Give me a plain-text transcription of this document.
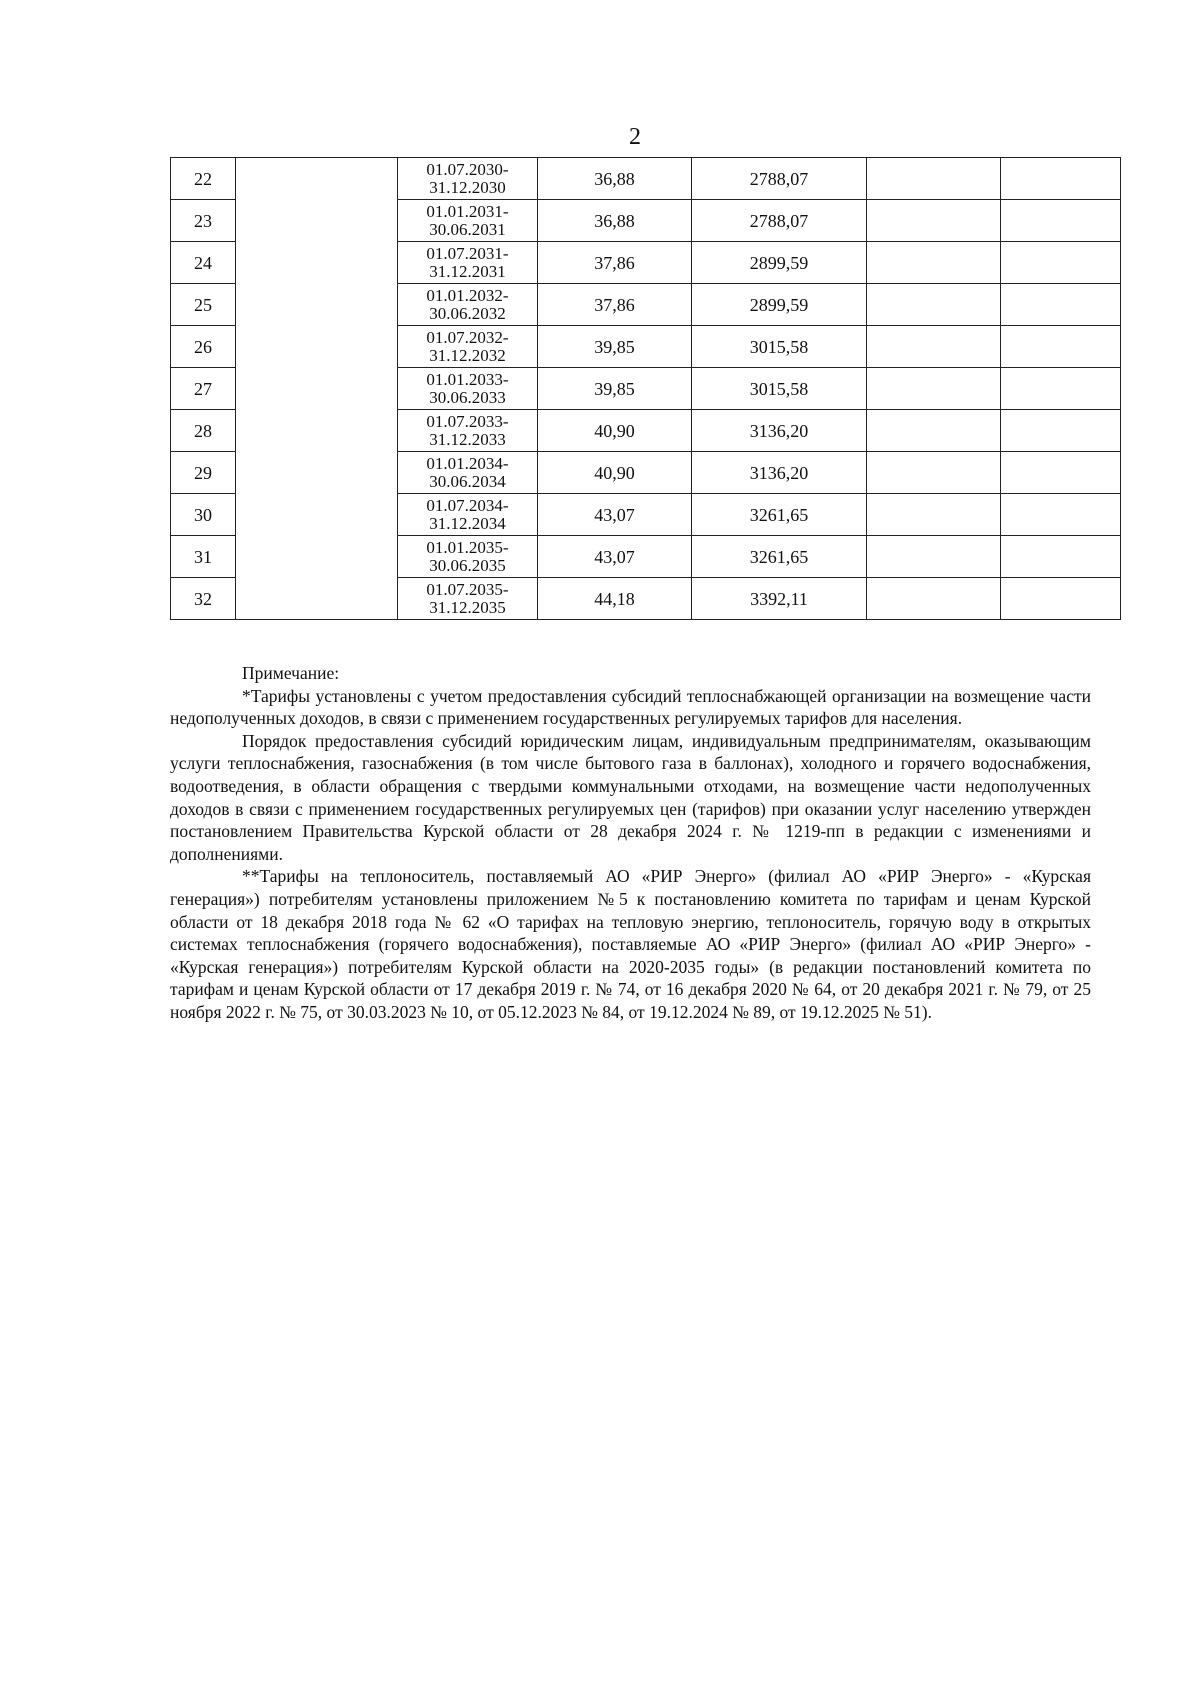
2
22		01.07.2030-
31.12.2030	36,88	2788,07		
23		01.01.2031-
30.06.2031	36,88	2788,07		
24		01.07.2031-
31.12.2031	37,86	2899,59		
25		01.01.2032-
30.06.2032	37,86	2899,59		
26		01.07.2032-
31.12.2032	39,85	3015,58		
27		01.01.2033-
30.06.2033	39,85	3015,58		
28		01.07.2033-
31.12.2033	40,90	3136,20		
29		01.01.2034-
30.06.2034	40,90	3136,20		
30		01.07.2034-
31.12.2034	43,07	3261,65		
31		01.01.2035-
30.06.2035	43,07	3261,65		
32		01.07.2035-
31.12.2035	44,18	3392,11		

Примечание:

*Тарифы установлены с учетом предоставления субсидий теплоснабжающей организации на возмещение части недополученных доходов, в связи с применением государственных регулируемых тарифов для населения.

Порядок предоставления субсидий юридическим лицам, индивидуальным предпринимателям, оказывающим услуги теплоснабжения, газоснабжения (в том числе бытового газа в баллонах), холодного и горячего водоснабжения, водоотведения, в области обращения с твердыми коммунальными отходами, на возмещение части недополученных доходов в связи с применением государственных регулируемых цен (тарифов) при оказании услуг населению утвержден постановлением Правительства Курской области от 28 декабря 2024 г. № 1219-пп в редакции с изменениями и дополнениями.

**Тарифы на теплоноситель, поставляемый АО «РИР Энерго» (филиал АО «РИР Энерго» - «Курская генерация») потребителям установлены приложением №5 к постановлению комитета по тарифам и ценам Курской области от 18 декабря 2018 года № 62 «О тарифах на тепловую энергию, теплоноситель, горячую воду в открытых системах теплоснабжения (горячего водоснабжения), поставляемые АО «РИР Энерго» (филиал АО «РИР Энерго» - «Курская генерация») потребителям Курской области на 2020-2035 годы» (в редакции постановлений комитета по тарифам и ценам Курской области от 17 декабря 2019 г. № 74, от 16 декабря 2020 № 64, от 20 декабря 2021 г. № 79, от 25 ноября 2022 г. № 75, от 30.03.2023 № 10, от 05.12.2023 № 84, от 19.12.2024 № 89, от 19.12.2025 № 51).
